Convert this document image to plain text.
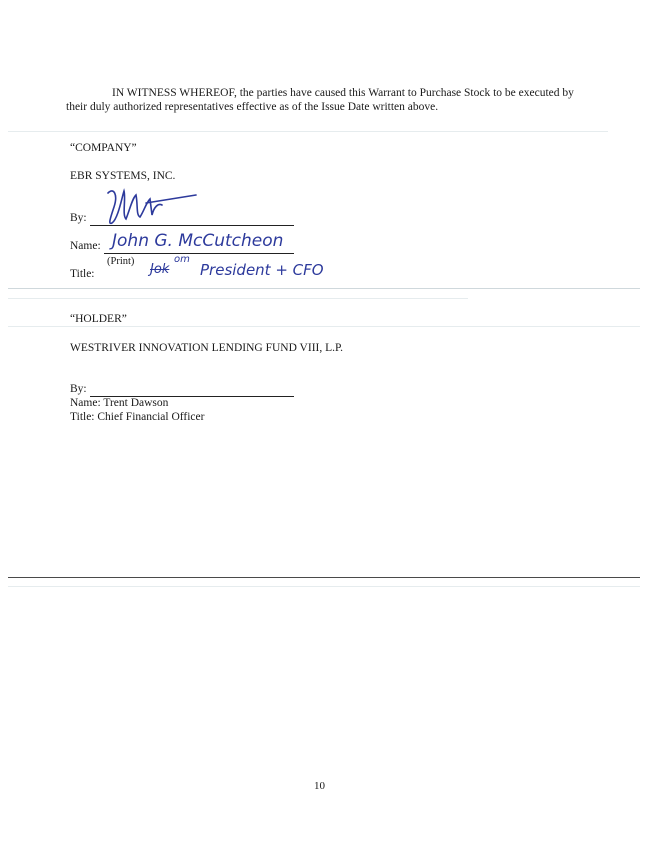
IN WITNESS WHEREOF, the parties have caused this Warrant to Purchase Stock to be executed by their duly authorized representatives effective as of the Issue Date written above.
“COMPANY”
EBR SYSTEMS, INC.
By:
Name: John G. McCutcheon
(Print)
Jok
om
Title:	President + CFO
“HOLDER”
WESTRIVER INNOVATION LENDING FUND VIII, L.P.
By:
Name: Trent Dawson
Title: Chief Financial Officer
10
